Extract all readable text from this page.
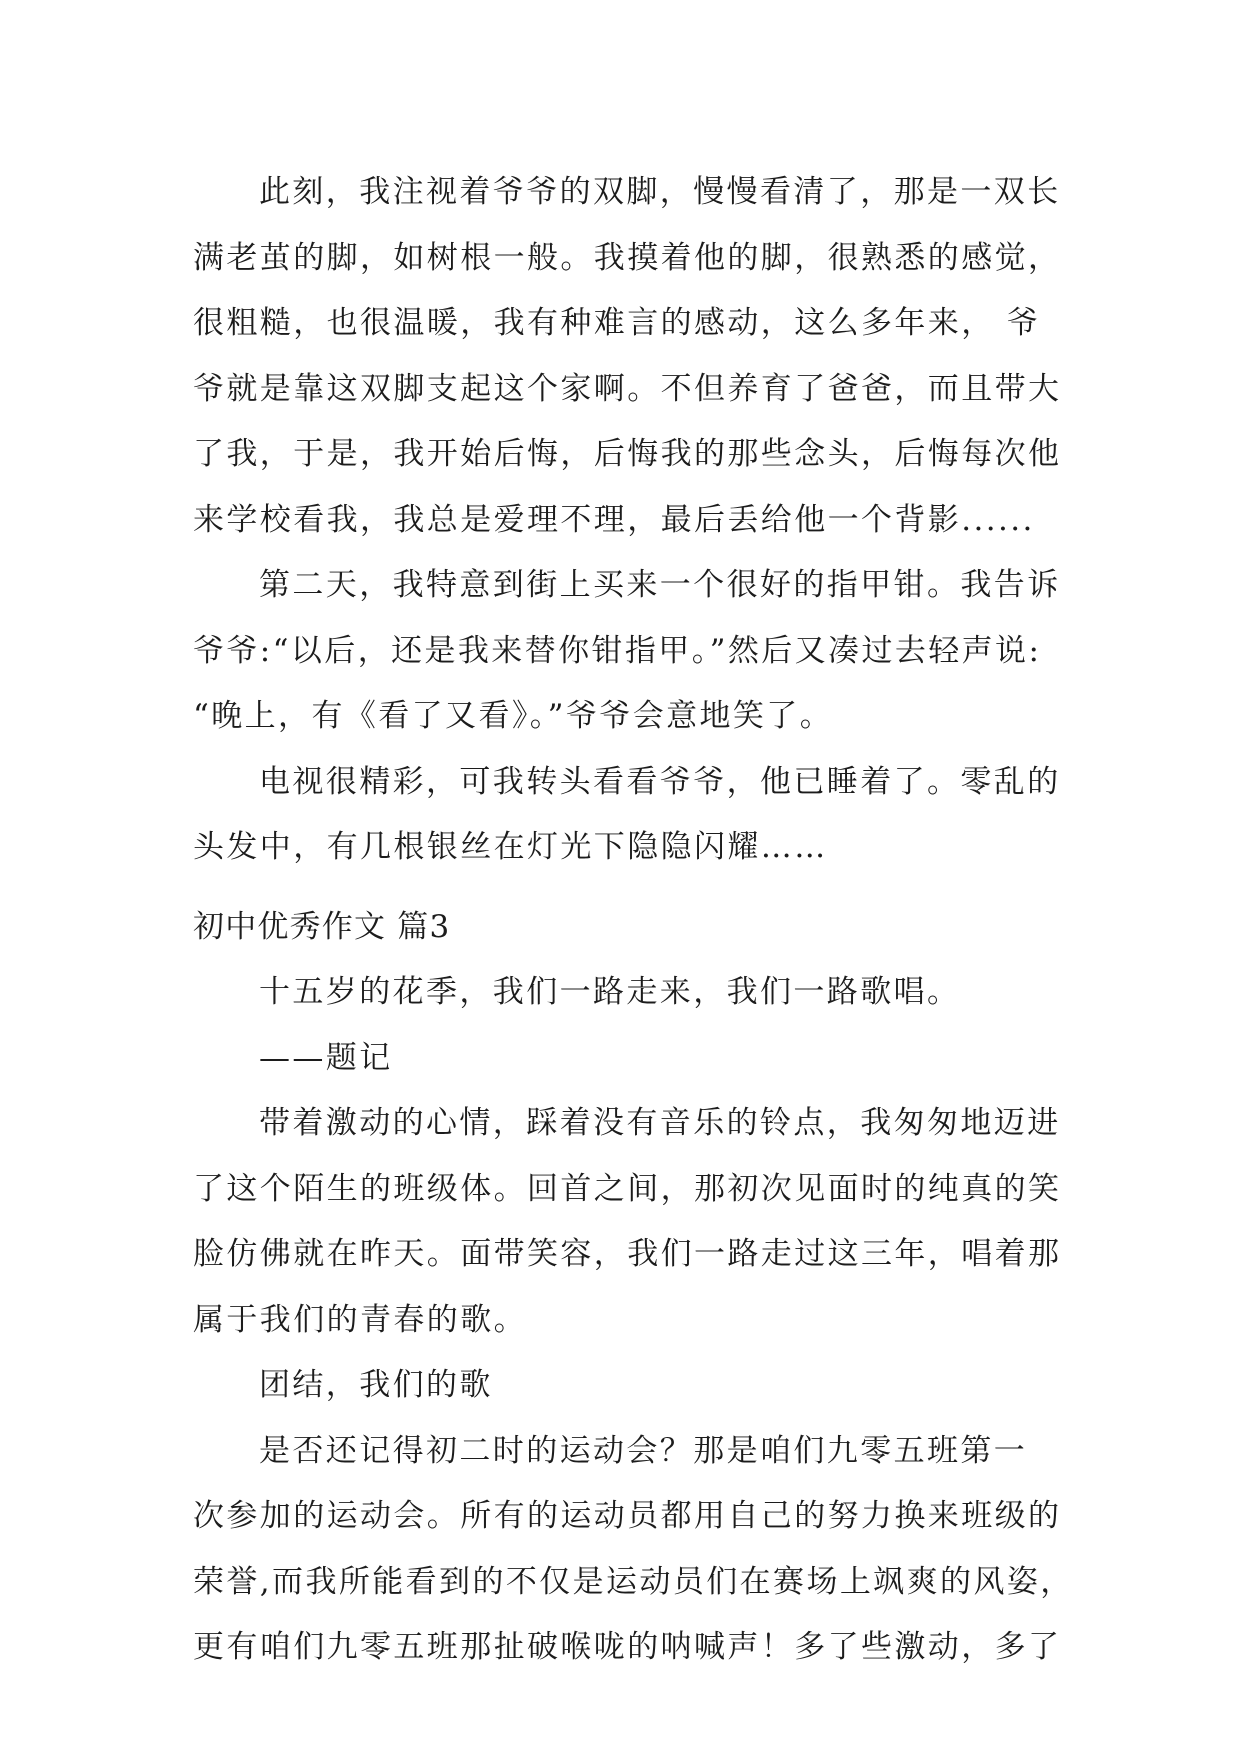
此刻，我注视着爷爷的双脚，慢慢看清了，那是一双长
满老茧的脚，如树根一般。我摸着他的脚，很熟悉的感觉，
很粗糙，也很温暖，我有种难言的感动，这么多年来， 爷
爷就是靠这双脚支起这个家啊。不但养育了爸爸，而且带大
了我，于是，我开始后悔，后悔我的那些念头，后悔每次他
来学校看我，我总是爱理不理，最后丢给他一个背影......
第二天，我特意到街上买来一个很好的指甲钳。我告诉
爷爷:“以后，还是我来替你钳指甲。”然后又凑过去轻声说:
“晚上，有《看了又看》。”爷爷会意地笑了。
电视很精彩，可我转头看看爷爷，他已睡着了。零乱的
头发中，有几根银丝在灯光下隐隐闪耀……
初中优秀作文 篇3
十五岁的花季，我们一路走来，我们一路歌唱。
——题记
带着激动的心情，踩着没有音乐的铃点，我匆匆地迈进
了这个陌生的班级体。回首之间，那初次见面时的纯真的笑
脸仿佛就在昨天。面带笑容，我们一路走过这三年，唱着那
属于我们的青春的歌。
团结，我们的歌
是否还记得初二时的运动会？那是咱们九零五班第一
次参加的运动会。所有的运动员都用自己的努力换来班级的
荣誉,而我所能看到的不仅是运动员们在赛场上飒爽的风姿，
更有咱们九零五班那扯破喉咙的呐喊声！多了些激动，多了
